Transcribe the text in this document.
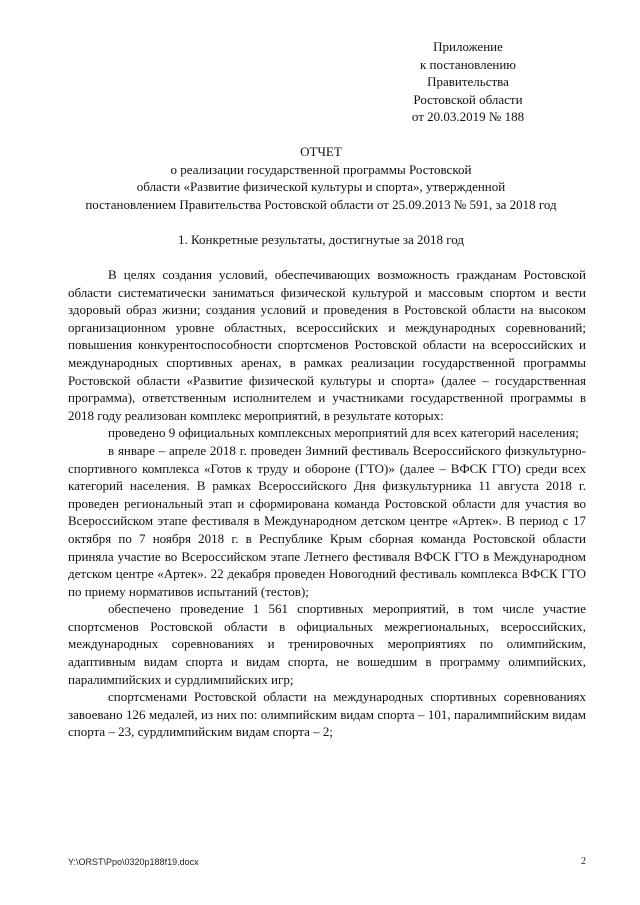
Приложение
к постановлению
Правительства
Ростовской области
от 20.03.2019 № 188
ОТЧЕТ
о реализации государственной программы Ростовской
области «Развитие физической культуры и спорта», утвержденной
постановлением Правительства Ростовской области от 25.09.2013 № 591, за 2018 год
1. Конкретные результаты, достигнутые за 2018 год

В целях создания условий, обеспечивающих возможность гражданам Ростовской области систематически заниматься физической культурой и массовым спортом и вести здоровый образ жизни; создания условий и проведения в Ростовской области на высоком организационном уровне областных, всероссийских и международных соревнований; повышения конкурентоспособности спортсменов Ростовской области на всероссийских и международных спортивных аренах, в рамках реализации государственной программы Ростовской области «Развитие физической культуры и спорта» (далее – государственная программа), ответственным исполнителем и участниками государственной программы в 2018 году реализован комплекс мероприятий, в результате которых:

проведено 9 официальных комплексных мероприятий для всех категорий населения;

в январе – апреле 2018 г. проведен Зимний фестиваль Всероссийского физкультурно-спортивного комплекса «Готов к труду и обороне (ГТО)» (далее – ВФСК ГТО) среди всех категорий населения. В рамках Всероссийского Дня физкультурника 11 августа 2018 г. проведен региональный этап и сформирована команда Ростовской области для участия во Всероссийском этапе фестиваля в Международном детском центре «Артек». В период с 17 октября по 7 ноября 2018 г. в Республике Крым сборная команда Ростовской области приняла участие во Всероссийском этапе Летнего фестиваля ВФСК ГТО в Международном детском центре «Артек». 22 декабря проведен Новогодний фестиваль комплекса ВФСК ГТО по приему нормативов испытаний (тестов);

обеспечено проведение 1 561 спортивных мероприятий, в том числе участие спортсменов Ростовской области в официальных межрегиональных, всероссийских, международных соревнованиях и тренировочных мероприятиях по олимпийским, адаптивным видам спорта и видам спорта, не вошедшим в программу олимпийских, паралимпийских и сурдлимпийских игр;

спортсменами Ростовской области на международных спортивных соревнованиях завоевано 126 медалей, из них по: олимпийским видам спорта – 101, паралимпийским видам спорта – 23, сурдлимпийским видам спорта – 2;

Y:\ORST\Ppo\0320p188f19.docx	2
